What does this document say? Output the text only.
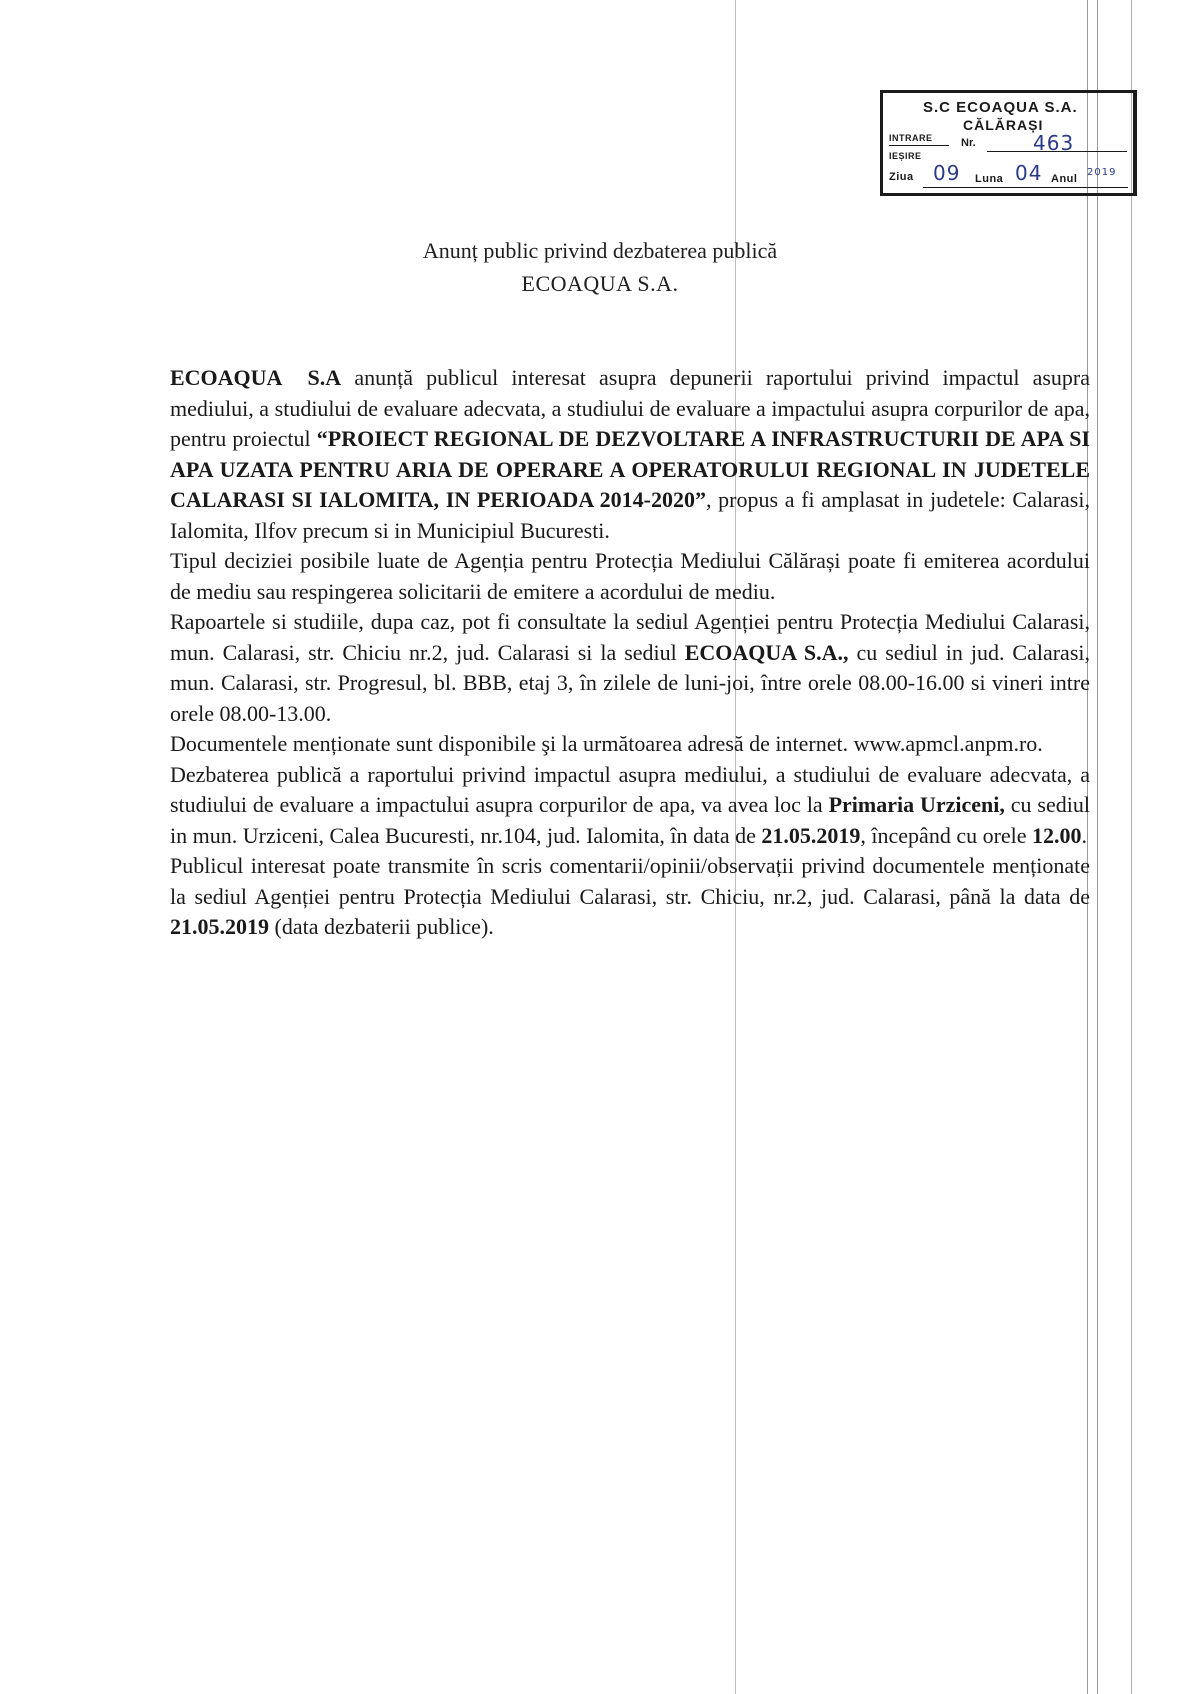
S.C ECOAQUA S.A.
CĂLĂRAȘI
INTRARE
IEȘIRE
Nr.	463
Ziua 09 Luna 04 Anul
2019
Anunț public privind dezbaterea publică
ECOAQUA S.A.

ECOAQUA  S.A anunță publicul interesat asupra depunerii raportului privind impactul asupra mediului, a studiului de evaluare adecvata, a studiului de evaluare a impactului asupra corpurilor de apa, pentru proiectul “PROIECT REGIONAL DE DEZVOLTARE A INFRASTRUCTURII DE APA SI APA UZATA PENTRU ARIA DE OPERARE A OPERATORULUI REGIONAL IN JUDETELE CALARASI SI IALOMITA, IN PERIOADA 2014-2020”, propus a fi amplasat in judetele: Calarasi, Ialomita, Ilfov precum si in Municipiul Bucuresti.

Tipul deciziei posibile luate de Agenția pentru Protecția Mediului Călărași poate fi emiterea acordului de mediu sau respingerea solicitarii de emitere a acordului de mediu.

Rapoartele si studiile, dupa caz, pot fi consultate la sediul Agenției pentru Protecția Mediului Calarasi, mun. Calarasi, str. Chiciu nr.2, jud. Calarasi si la sediul ECOAQUA S.A., cu sediul in jud. Calarasi, mun. Calarasi, str. Progresul, bl. BBB, etaj 3, în zilele de luni-joi, între orele 08.00-16.00 si vineri intre orele 08.00-13.00.

Documentele menționate sunt disponibile şi la următoarea adresă de internet. www.apmcl.anpm.ro.

Dezbaterea publică a raportului privind impactul asupra mediului, a studiului de evaluare adecvata, a studiului de evaluare a impactului asupra corpurilor de apa, va avea loc la Primaria Urziceni, cu sediul in mun. Urziceni, Calea Bucuresti, nr.104, jud. Ialomita, în data de 21.05.2019, începând cu orele 12.00.

Publicul interesat poate transmite în scris comentarii/opinii/observații privind documentele menționate la sediul Agenției pentru Protecția Mediului Calarasi, str. Chiciu, nr.2, jud. Calarasi, până la data de 21.05.2019 (data dezbaterii publice).
